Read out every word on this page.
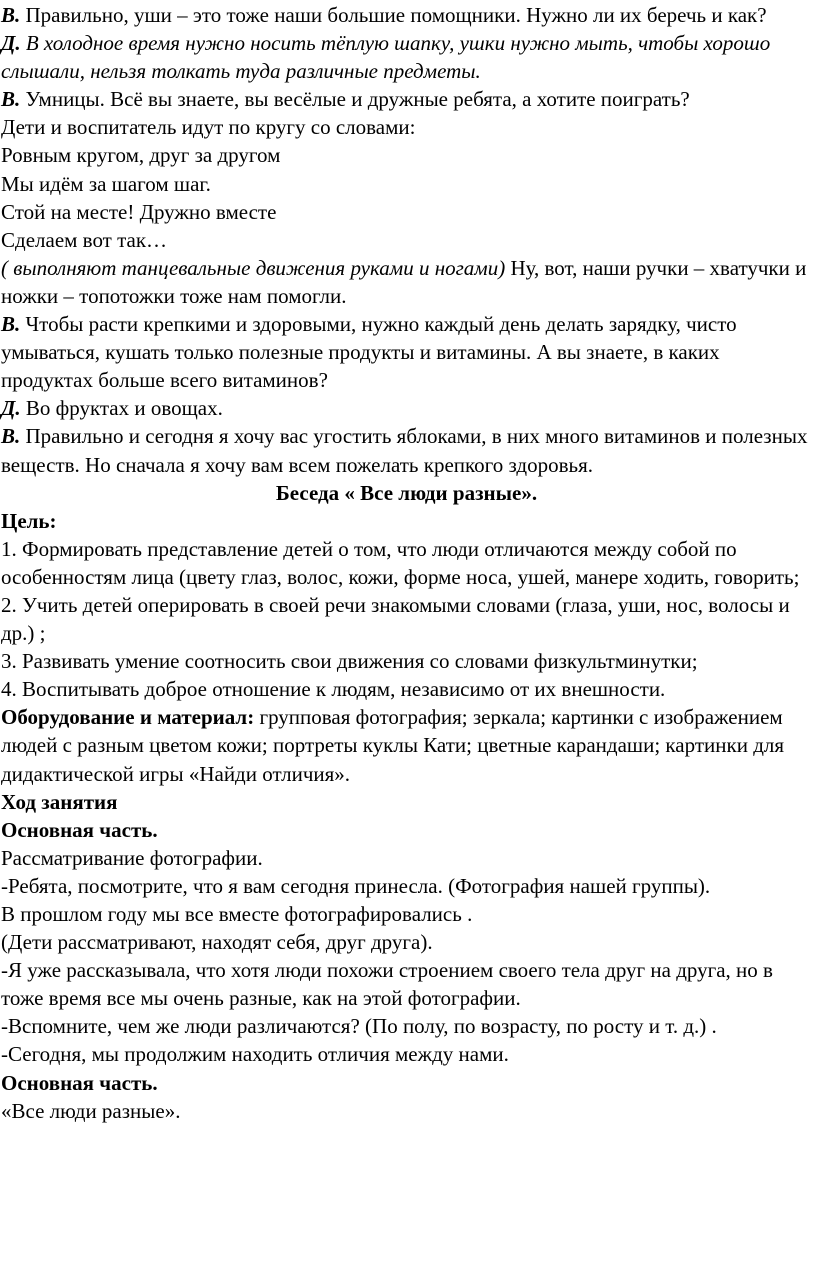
В. Правильно, уши – это тоже наши большие помощники. Нужно ли их беречь и как?

Д. В холодное время нужно носить тёплую шапку, ушки нужно мыть, чтобы хорошо слышали, нельзя толкать туда различные предметы.

В. Умницы. Всё вы знаете, вы весёлые и дружные ребята, а хотите поиграть?

Дети и воспитатель идут по кругу со словами:

Ровным кругом, друг за другом

Мы идём за шагом шаг.

Стой на месте! Дружно вместе

Сделаем вот так…

( выполняют танцевальные движения руками и ногами) Ну, вот, наши ручки – хватучки и ножки – топотожки тоже нам помогли.

В. Чтобы расти крепкими и здоровыми, нужно каждый день делать зарядку, чисто умываться, кушать только полезные продукты и витамины. А вы знаете, в каких продуктах больше всего витаминов?

Д. Во фруктах и овощах.

В. Правильно и сегодня я хочу вас угостить яблоками, в них много витаминов и полезных веществ. Но сначала я хочу вам всем пожелать крепкого здоровья.

Беседа « Все люди разные».

Цель:

1. Формировать представление детей о том, что люди отличаются между собой по особенностям лица (цвету глаз, волос, кожи, форме носа, ушей, манере ходить, говорить;

2. Учить детей оперировать в своей речи знакомыми словами (глаза, уши, нос, волосы и др.) ;

3. Развивать умение соотносить свои движения со словами физкультминутки;

4. Воспитывать доброе отношение к людям, независимо от их внешности.

Оборудование и материал: групповая фотография; зеркала; картинки с изображением людей с разным цветом кожи; портреты куклы Кати; цветные карандаши; картинки для дидактической игры «Найди отличия».

Ход занятия

Основная часть.

Рассматривание фотографии.

-Ребята, посмотрите, что я вам сегодня принесла. (Фотография нашей группы).

В прошлом году мы все вместе фотографировались .

(Дети рассматривают, находят себя, друг друга).

-Я уже рассказывала, что хотя люди похожи строением своего тела друг на друга, но в тоже время все мы очень разные, как на этой фотографии.

-Вспомните, чем же люди различаются? (По полу, по возрасту, по росту и т. д.) .

-Сегодня, мы продолжим находить отличия между нами.

Основная часть.

«Все люди разные».
